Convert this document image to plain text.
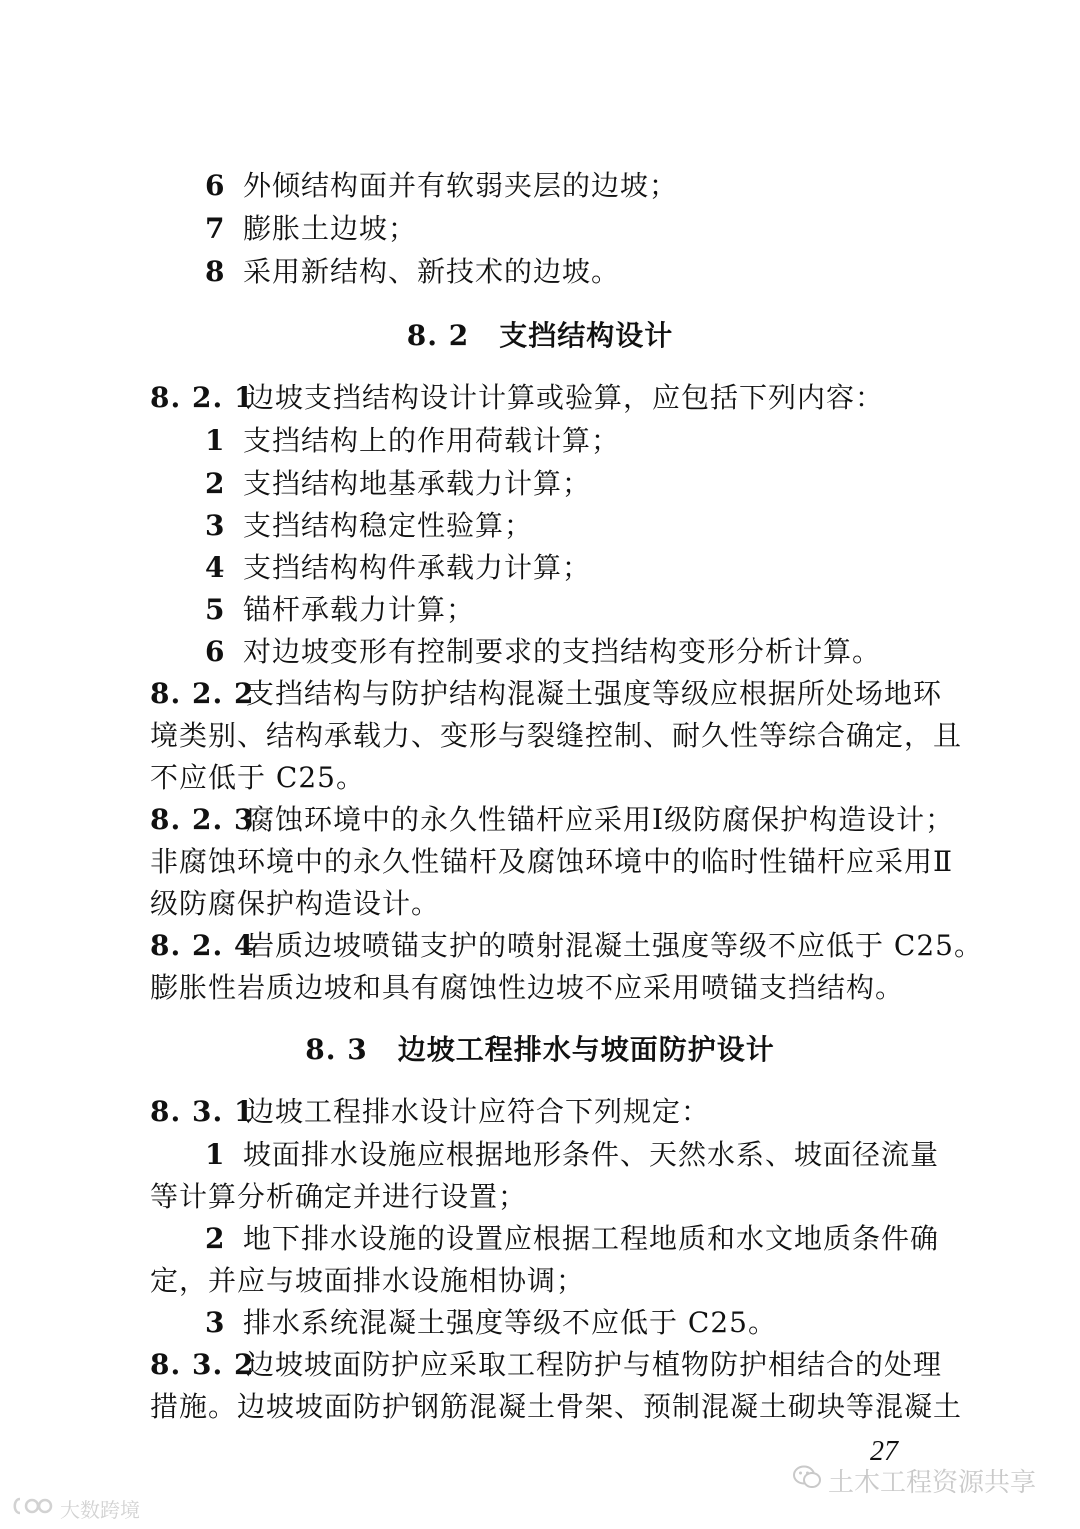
6 外倾结构面并有软弱夹层的边坡；
7 膨胀土边坡；
8 采用新结构、新技术的边坡。
8. 2 支挡结构设计
8. 2. 1边坡支挡结构设计计算或验算，应包括下列内容：
1 支挡结构上的作用荷载计算；
2 支挡结构地基承载力计算；
3 支挡结构稳定性验算；
4 支挡结构构件承载力计算；
5 锚杆承载力计算；
6 对边坡变形有控制要求的支挡结构变形分析计算。
8. 2. 2支挡结构与防护结构混凝土强度等级应根据所处场地环
境类别、结构承载力、变形与裂缝控制、耐久性等综合确定，且
不应低于 C25。
8. 2. 3腐蚀环境中的永久性锚杆应采用Ⅰ级防腐保护构造设计；
非腐蚀环境中的永久性锚杆及腐蚀环境中的临时性锚杆应采用Ⅱ
级防腐保护构造设计。
8. 2. 4岩质边坡喷锚支护的喷射混凝土强度等级不应低于 C25。
膨胀性岩质边坡和具有腐蚀性边坡不应采用喷锚支挡结构。
8. 3 边坡工程排水与坡面防护设计
8. 3. 1边坡工程排水设计应符合下列规定：
1 坡面排水设施应根据地形条件、天然水系、坡面径流量
等计算分析确定并进行设置；
2 地下排水设施的设置应根据工程地质和水文地质条件确
定，并应与坡面排水设施相协调；
3 排水系统混凝土强度等级不应低于 C25。
8. 3. 2边坡坡面防护应采取工程防护与植物防护相结合的处理
措施。边坡坡面防护钢筋混凝土骨架、预制混凝土砌块等混凝土
27
土木工程资源共享
大数跨境
